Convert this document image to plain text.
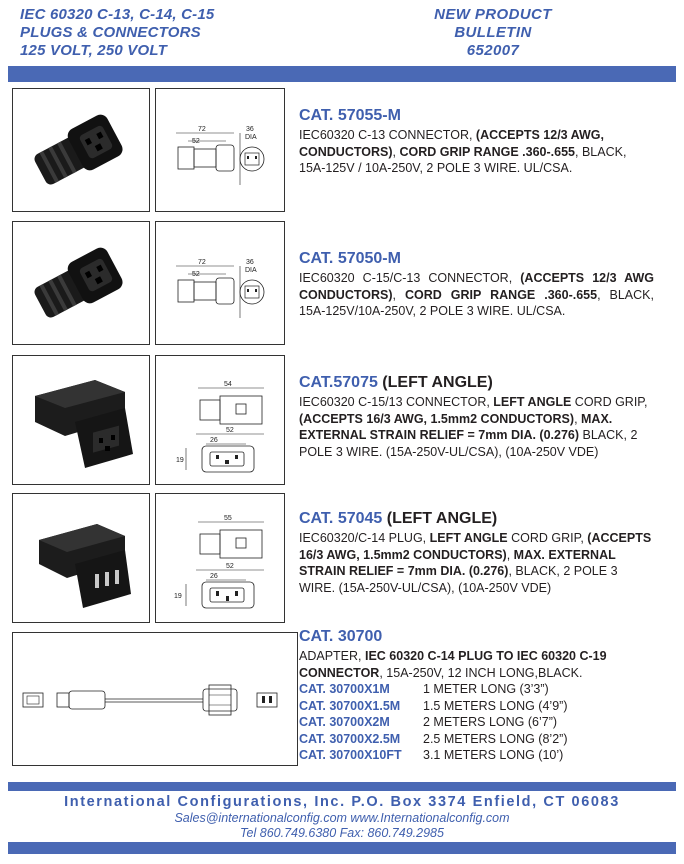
IEC 60320 C-13, C-14, C-15
PLUGS & CONNECTORS
125 VOLT, 250 VOLT
NEW PRODUCT
BULLETIN
652007
72
52
36
DIA
CAT. 57055-M
IEC60320 C-13 CONNECTOR, (ACCEPTS 12/3 AWG, CONDUCTORS), CORD GRIP RANGE .360-.655, BLACK, 15A-125V / 10A-250V, 2 POLE 3 WIRE. UL/CSA.
72
52
36
DIA
CAT. 57050-M
IEC60320 C-15/C-13 CONNECTOR, (ACCEPTS 12/3 AWG CONDUCTORS), CORD GRIP RANGE .360-.655, BLACK, 15A-125V/10A-250V, 2 POLE 3 WIRE. UL/CSA.
54
52
26
19
CAT.57075 (LEFT ANGLE)
IEC60320 C-15/13 CONNECTOR, LEFT ANGLE CORD GRIP, (ACCEPTS 16/3 AWG, 1.5mm2 CONDUCTORS), MAX. EXTERNAL STRAIN RELIEF = 7mm DIA. (0.276) BLACK, 2 POLE 3 WIRE. (15A-250V-UL/CSA), (10A-250V VDE)
55
52
26
19
CAT. 57045 (LEFT ANGLE)
IEC60320/C-14 PLUG, LEFT ANGLE CORD GRIP, (ACCEPTS 16/3 AWG, 1.5mm2 CONDUCTORS), MAX. EXTERNAL STRAIN RELIEF = 7mm DIA. (0.276), BLACK, 2 POLE 3 WIRE. (15A-250V-UL/CSA), (10A-250V VDE)
CAT. 30700
ADAPTER, IEC 60320 C-14 PLUG TO IEC 60320 C-19 CONNECTOR, 15A-250V, 12 INCH LONG,BLACK.
CAT. 30700X1M	1 METER LONG (3’3”)
CAT. 30700X1.5M	1.5 METERS LONG (4’9”)
CAT. 30700X2M	2 METERS LONG (6’7”)
CAT. 30700X2.5M	2.5 METERS LONG (8’2”)
CAT. 30700X10FT	3.1 METERS LONG (10’)
International Configurations, Inc. P.O. Box 3374 Enfield, CT 06083
Sales@internationalconfig.com www.Internationalconfig.com
Tel 860.749.6380 Fax: 860.749.2985
